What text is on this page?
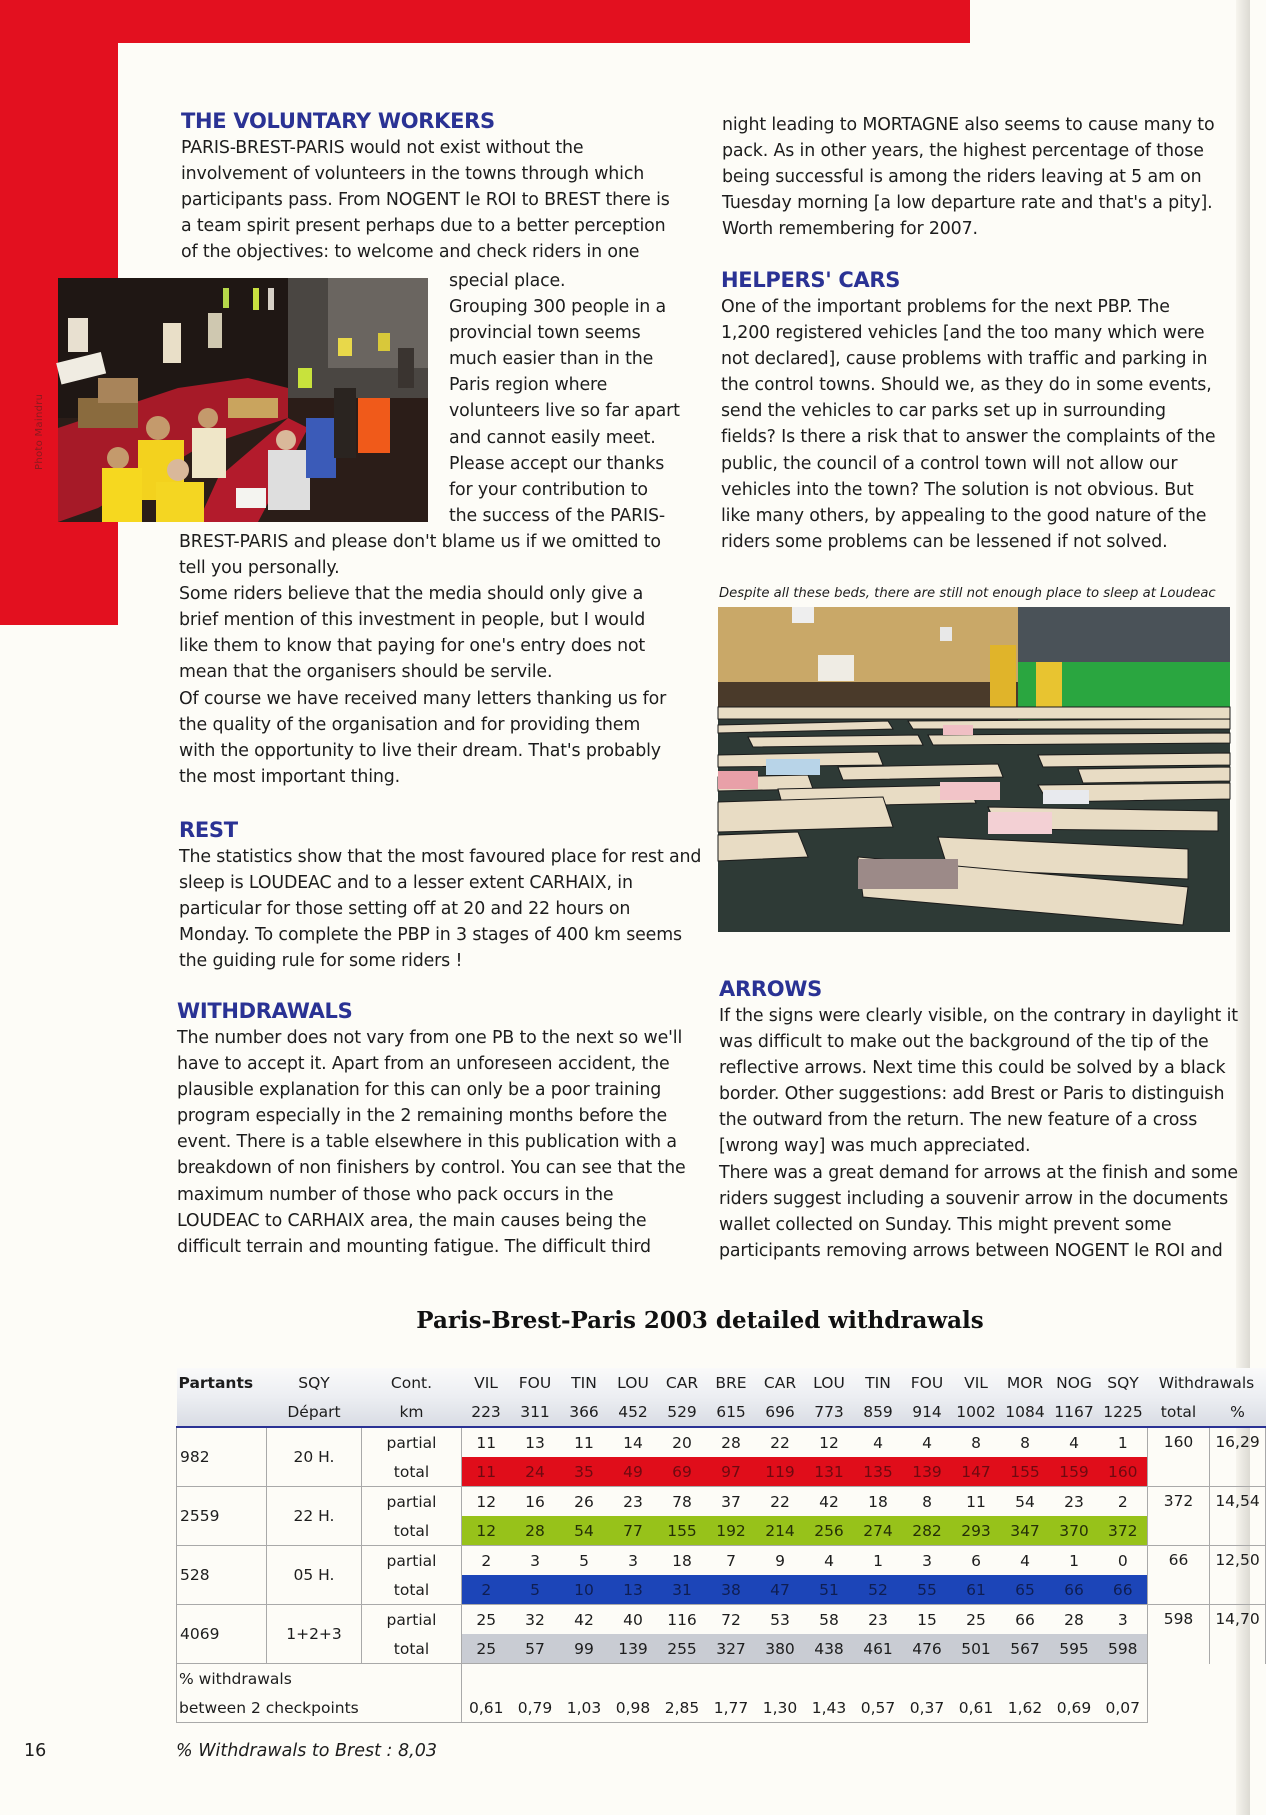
Photo Maindru
THE VOLUNTARY WORKERS

PARIS-BREST-PARIS would not exist without the

involvement of volunteers in the towns through which

participants pass. From NOGENT le ROI to BREST there is

a team spirit present perhaps due to a better perception

of the objectives: to welcome and check riders in one

special place.

Grouping 300 people in a

provincial town seems

much easier than in the

Paris region where

volunteers live so far apart

and cannot easily meet.

Please accept our thanks

for your contribution to

the success of the PARIS-

BREST-PARIS and please don't blame us if we omitted to

tell you personally.

Some riders believe that the media should only give a

brief mention of this investment in people, but I would

like them to know that paying for one's entry does not

mean that the organisers should be servile.

Of course we have received many letters thanking us for

the quality of the organisation and for providing them

with the opportunity to live their dream. That's probably

the most important thing.

REST

The statistics show that the most favoured place for rest and

sleep is LOUDEAC and to a lesser extent CARHAIX, in

particular for those setting off at 20 and 22 hours on

Monday. To complete the PBP in 3 stages of 400 km seems

the guiding rule for some riders !

WITHDRAWALS

The number does not vary from one PB to the next so we'll

have to accept it. Apart from an unforeseen accident, the

plausible explanation for this can only be a poor training

program especially in the 2 remaining months before the

event. There is a table elsewhere in this publication with a

breakdown of non finishers by control. You can see that the

maximum number of those who pack occurs in the

LOUDEAC to CARHAIX area, the main causes being the

difficult terrain and mounting fatigue. The difficult third

night leading to MORTAGNE also seems to cause many to

pack. As in other years, the highest percentage of those

being successful is among the riders leaving at 5 am on

Tuesday morning [a low departure rate and that's a pity].

Worth remembering for 2007.

HELPERS' CARS

One of the important problems for the next PBP. The

1,200 registered vehicles [and the too many which were

not declared], cause problems with traffic and parking in

the control towns. Should we, as they do in some events,

send the vehicles to car parks set up in surrounding

fields? Is there a risk that to answer the complaints of the

public, the council of a control town will not allow our

vehicles into the town? The solution is not obvious. But

like many others, by appealing to the good nature of the

riders some problems can be lessened if not solved.

Despite all these beds, there are still not enough place to sleep at Loudeac
ARROWS

If the signs were clearly visible, on the contrary in daylight it

was difficult to make out the background of the tip of the

reflective arrows. Next time this could be solved by a black

border. Other suggestions: add Brest or Paris to distinguish

the outward from the return. The new feature of a cross

[wrong way] was much appreciated.

There was a great demand for arrows at the finish and some

riders suggest including a souvenir arrow in the documents

wallet collected on Sunday. This might prevent some

participants removing arrows between NOGENT le ROI and

Paris-Brest-Paris 2003 detailed withdrawals
Partants	SQY	Cont.	VIL	FOU	TIN	LOU	CAR	BRE	CAR	LOU	TIN	FOU	VIL	MOR	NOG	SQY	Withdrawals	
	Départ	km	223	311	366	452	529	615	696	773	859	914	1002	1084	1167	1225	total	%
982	20 H.	partial	11	13	11	14	20	28	22	12	4	4	8	8	4	1	160	16,29
		total	11	24	35	49	69	97	119	131	135	139	147	155	159	160		
2559	22 H.	partial	12	16	26	23	78	37	22	42	18	8	11	54	23	2	372	14,54
		total	12	28	54	77	155	192	214	256	274	282	293	347	370	372		
528	05 H.	partial	2	3	5	3	18	7	9	4	1	3	6	4	1	0	66	12,50
		total	2	5	10	13	31	38	47	51	52	55	61	65	66	66		
4069	1+2+3	partial	25	32	42	40	116	72	53	58	23	15	25	66	28	3	598	14,70
		total	25	57	99	139	255	327	380	438	461	476	501	567	595	598		
% withdrawals																		
between 2 checkpoints			0,61	0,79	1,03	0,98	2,85	1,77	1,30	1,43	0,57	0,37	0,61	1,62	0,69	0,07		
16	% Withdrawals to Brest : 8,03
